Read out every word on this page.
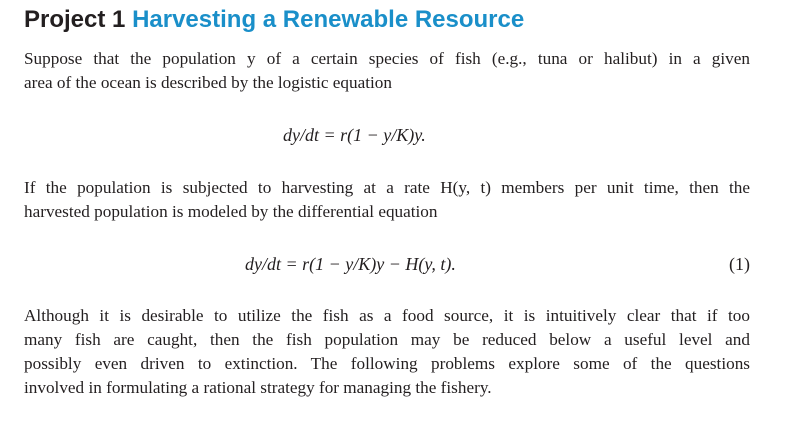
Project 1 Harvesting a Renewable Resource
Suppose that the population y of a certain species of fish (e.g., tuna or halibut) in a given
area of the ocean is described by the logistic equation
dy/dt = r(1 − y/K)y.
If the population is subjected to harvesting at a rate H(y, t) members per unit time, then the
harvested population is modeled by the differential equation
dy/dt = r(1 − y/K)y − H(y, t).	(1)
Although it is desirable to utilize the fish as a food source, it is intuitively clear that if too
many fish are caught, then the fish population may be reduced below a useful level and
possibly even driven to extinction. The following problems explore some of the questions
involved in formulating a rational strategy for managing the fishery.
